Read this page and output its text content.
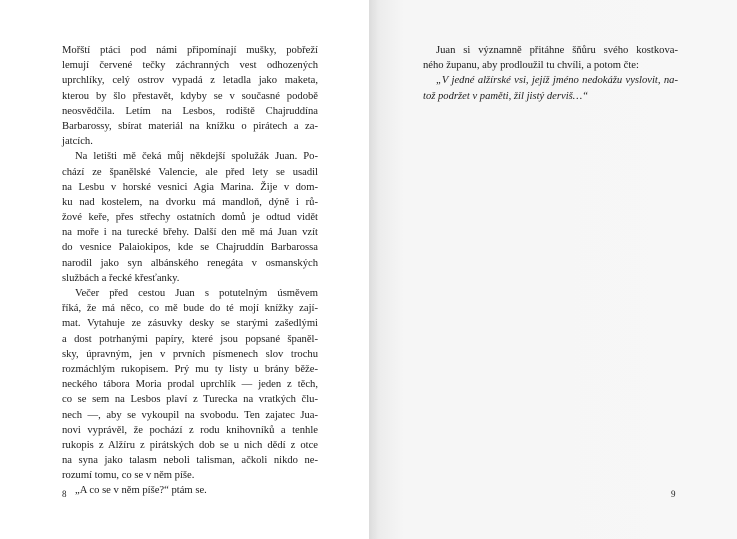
Mořští ptáci pod námi připomínají mušky, pobřeží
lemují červené tečky záchranných vest odhozených
uprchlíky, celý ostrov vypadá z letadla jako maketa,
kterou by šlo přestavět, kdyby se v současné podobě
neosvědčila. Letím na Lesbos, rodiště Chajruddína
Barbarossy, sbírat materiál na knížku o pirátech a za-
jatcích.
Na letišti mě čeká můj někdejší spolužák Juan. Po-
chází ze španělské Valencie, ale před lety se usadil
na Lesbu v horské vesnici Agia Marina. Žije v dom-
ku nad kostelem, na dvorku má mandloň, dýně i rů-
žové keře, přes střechy ostatních domů je odtud vidět
na moře i na turecké břehy. Další den mě má Juan vzít
do vesnice Palaiokipos, kde se Chajruddín Barbarossa
narodil jako syn albánského renegáta v osmanských
službách a řecké křesťanky.
Večer před cestou Juan s potutelným úsměvem
říká, že má něco, co mě bude do té mojí knížky zají-
mat. Vytahuje ze zásuvky desky se starými zašedlými
a dost potrhanými papíry, které jsou popsané španěl-
sky, úpravným, jen v prvních písmenech slov trochu
rozmáchlým rukopisem. Prý mu ty listy u brány běže-
neckého tábora Moria prodal uprchlík — jeden z těch,
co se sem na Lesbos plaví z Turecka na vratkých člu-
nech —, aby se vykoupil na svobodu. Ten zajatec Jua-
novi vyprávěl, že pochází z rodu knihovníků a tenhle
rukopis z Alžíru z pirátských dob se u nich dědí z otce
na syna jako talasm neboli talisman, ačkoli nikdo ne-
rozumí tomu, co se v něm píše.
„A co se v něm píše?“ ptám se.
8
Juan si významně přitáhne šňůru svého kostkova-
ného županu, aby prodloužil tu chvíli, a potom čte:
„V jedné alžírské vsi, jejíž jméno nedokážu vyslovit, na-
tož podržet v paměti, žil jistý derviš…“
9
